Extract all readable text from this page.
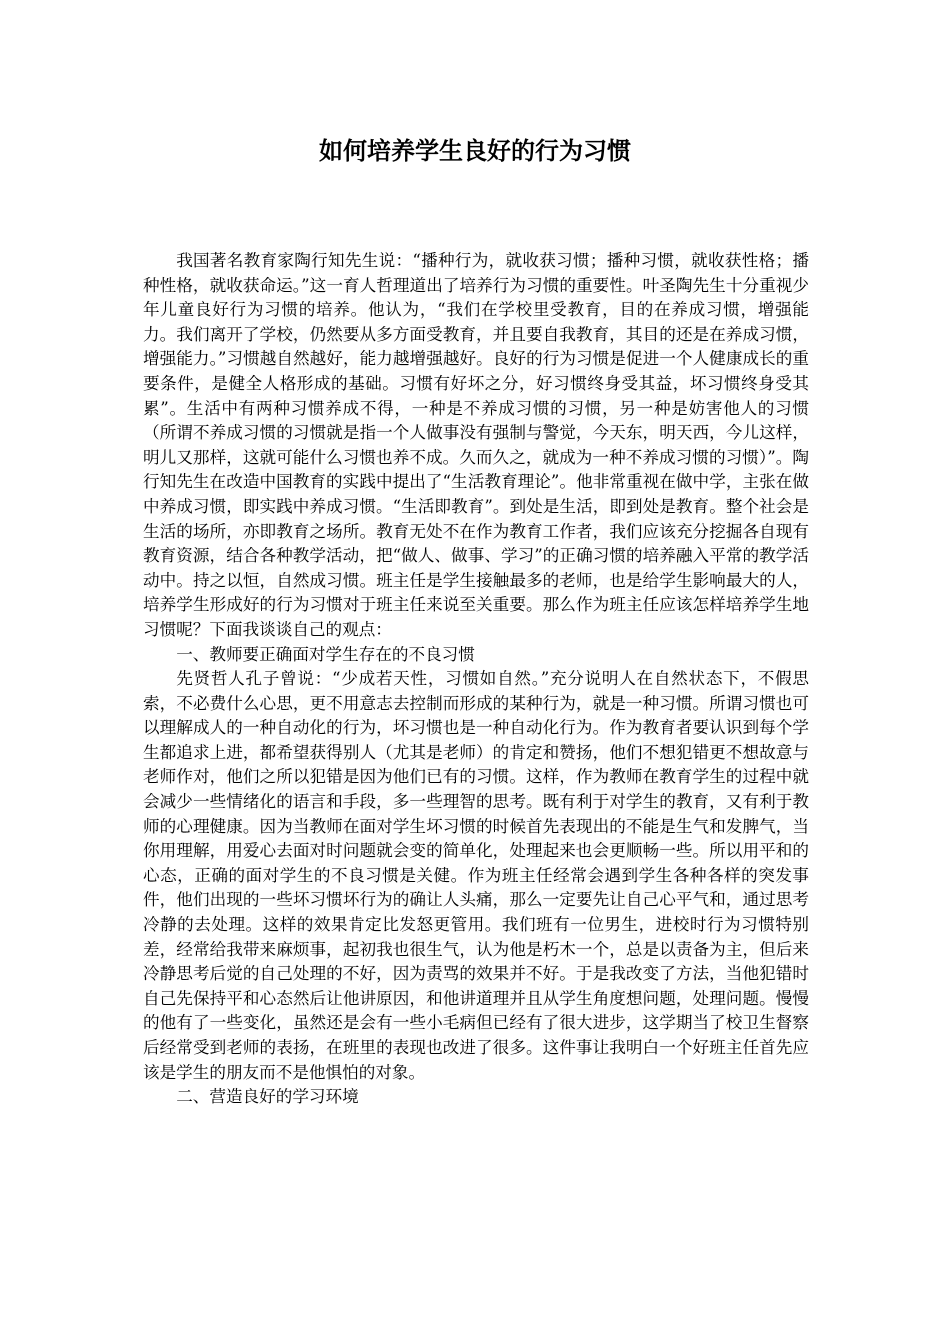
如何培养学生良好的行为习惯

我国著名教育家陶行知先生说：“播种行为，就收获习惯；播种习惯，就收获性格；播种性格，就收获命运。”这一育人哲理道出了培养行为习惯的重要性。叶圣陶先生十分重视少年儿童良好行为习惯的培养。他认为，“我们在学校里受教育，目的在养成习惯，增强能力。我们离开了学校，仍然要从多方面受教育，并且要自我教育，其目的还是在养成习惯，增强能力。”习惯越自然越好，能力越增强越好。良好的行为习惯是促进一个人健康成长的重要条件，是健全人格形成的基础。习惯有好坏之分，好习惯终身受其益，坏习惯终身受其累”。生活中有两种习惯养成不得，一种是不养成习惯的习惯，另一种是妨害他人的习惯（所谓不养成习惯的习惯就是指一个人做事没有强制与警觉，今天东，明天西，今儿这样，明儿又那样，这就可能什么习惯也养不成。久而久之，就成为一种不养成习惯的习惯）”。陶行知先生在改造中国教育的实践中提出了“生活教育理论”。他非常重视在做中学，主张在做中养成习惯，即实践中养成习惯。“生活即教育”。到处是生活，即到处是教育。整个社会是生活的场所，亦即教育之场所。教育无处不在作为教育工作者，我们应该充分挖掘各自现有教育资源，结合各种教学活动，把“做人、做事、学习”的正确习惯的培养融入平常的教学活动中。持之以恒，自然成习惯。班主任是学生接触最多的老师，也是给学生影响最大的人，培养学生形成好的行为习惯对于班主任来说至关重要。那么作为班主任应该怎样培养学生地习惯呢？下面我谈谈自己的观点：

一、教师要正确面对学生存在的不良习惯

先贤哲人孔子曾说：“少成若天性，习惯如自然。”充分说明人在自然状态下，不假思索，不必费什么心思，更不用意志去控制而形成的某种行为，就是一种习惯。所谓习惯也可以理解成人的一种自动化的行为，坏习惯也是一种自动化行为。作为教育者要认识到每个学生都追求上进，都希望获得别人（尤其是老师）的肯定和赞扬，他们不想犯错更不想故意与老师作对，他们之所以犯错是因为他们已有的习惯。这样，作为教师在教育学生的过程中就会减少一些情绪化的语言和手段，多一些理智的思考。既有利于对学生的教育，又有利于教师的心理健康。因为当教师在面对学生坏习惯的时候首先表现出的不能是生气和发脾气，当你用理解，用爱心去面对时问题就会变的简单化，处理起来也会更顺畅一些。所以用平和的心态，正确的面对学生的不良习惯是关健。作为班主任经常会遇到学生各种各样的突发事件，他们出现的一些坏习惯坏行为的确让人头痛，那么一定要先让自己心平气和，通过思考冷静的去处理。这样的效果肯定比发怒更管用。我们班有一位男生，进校时行为习惯特别差，经常给我带来麻烦事，起初我也很生气，认为他是朽木一个，总是以责备为主，但后来冷静思考后觉的自己处理的不好，因为责骂的效果并不好。于是我改变了方法，当他犯错时自己先保持平和心态然后让他讲原因，和他讲道理并且从学生角度想问题，处理问题。慢慢的他有了一些变化，虽然还是会有一些小毛病但已经有了很大进步，这学期当了校卫生督察后经常受到老师的表扬，在班里的表现也改进了很多。这件事让我明白一个好班主任首先应该是学生的朋友而不是他惧怕的对象。

二、营造良好的学习环境
